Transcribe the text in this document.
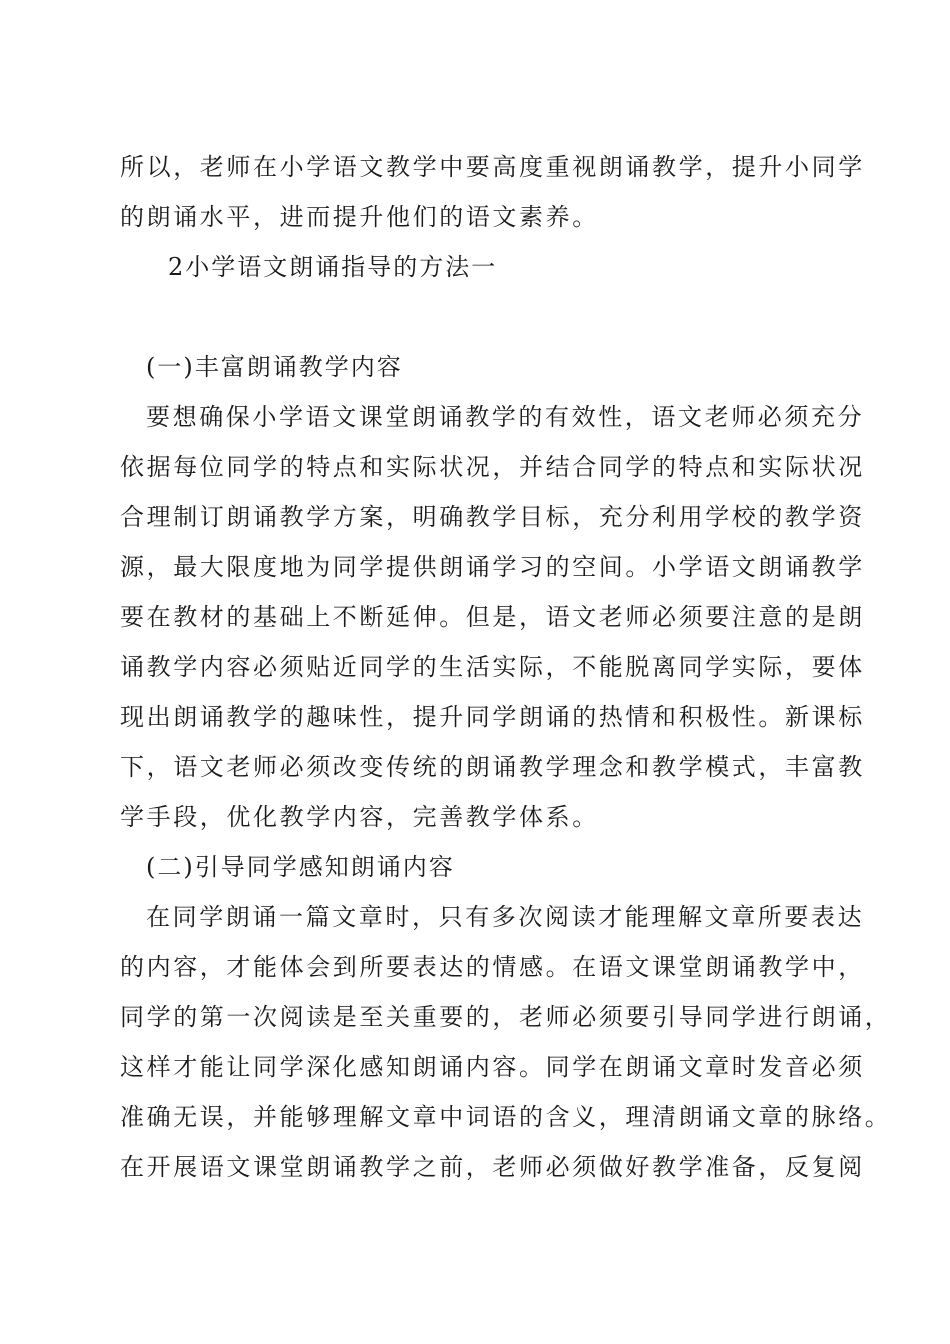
所以，老师在小学语文教学中要高度重视朗诵教学，提升小同学
的朗诵水平，进而提升他们的语文素养。
2小学语文朗诵指导的方法一
(一)丰富朗诵教学内容
要想确保小学语文课堂朗诵教学的有效性，语文老师必须充分
依据每位同学的特点和实际状况，并结合同学的特点和实际状况
合理制订朗诵教学方案，明确教学目标，充分利用学校的教学资
源，最大限度地为同学提供朗诵学习的空间。小学语文朗诵教学
要在教材的基础上不断延伸。但是，语文老师必须要注意的是朗
诵教学内容必须贴近同学的生活实际，不能脱离同学实际，要体
现出朗诵教学的趣味性，提升同学朗诵的热情和积极性。新课标
下，语文老师必须改变传统的朗诵教学理念和教学模式，丰富教
学手段，优化教学内容，完善教学体系。
(二)引导同学感知朗诵内容
在同学朗诵一篇文章时，只有多次阅读才能理解文章所要表达
的内容，才能体会到所要表达的情感。在语文课堂朗诵教学中，
同学的第一次阅读是至关重要的，老师必须要引导同学进行朗诵，
这样才能让同学深化感知朗诵内容。同学在朗诵文章时发音必须
准确无误，并能够理解文章中词语的含义，理清朗诵文章的脉络。
在开展语文课堂朗诵教学之前，老师必须做好教学准备，反复阅
